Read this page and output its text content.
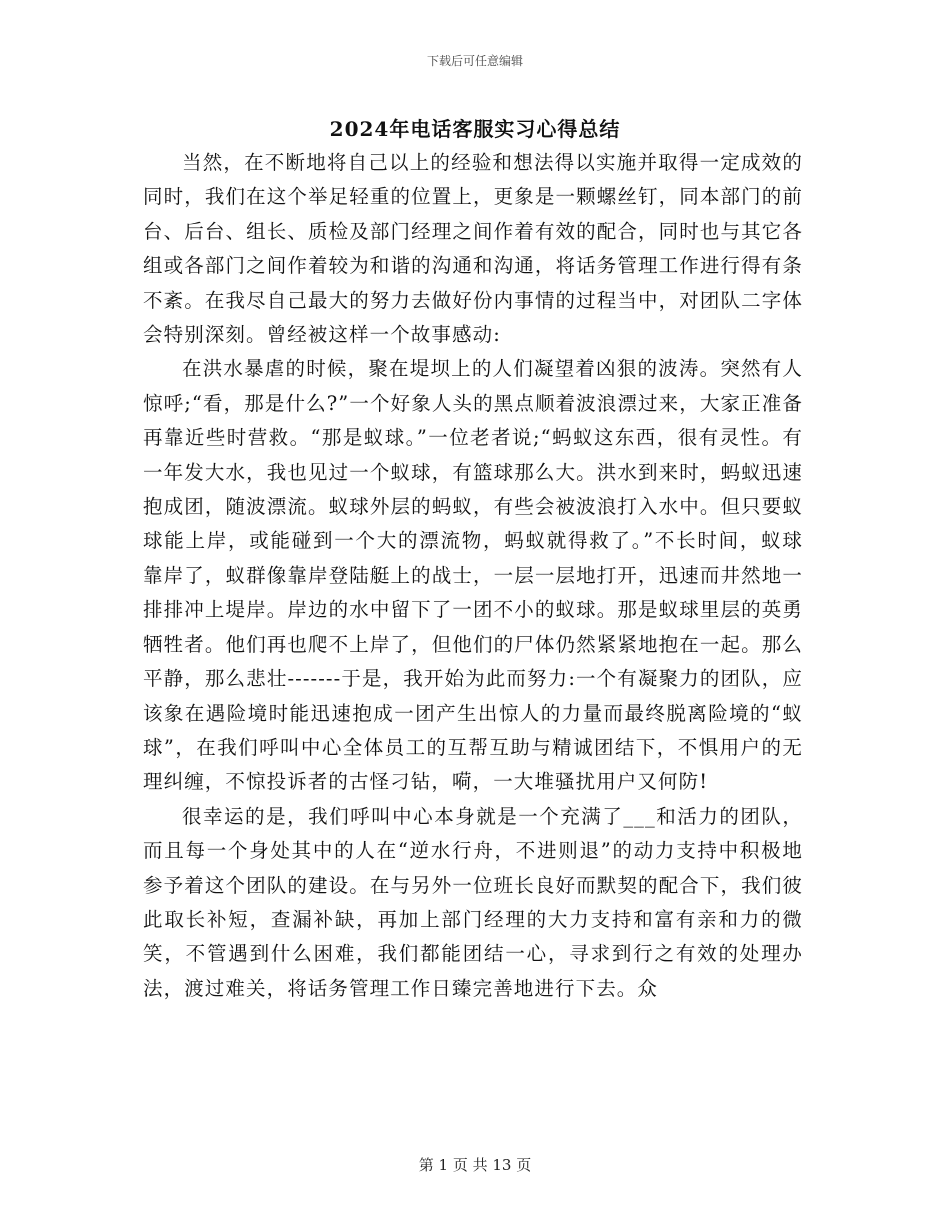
下载后可任意编辑
2024年电话客服实习心得总结

当然，在不断地将自己以上的经验和想法得以实施并取得一定成效的同时，我们在这个举足轻重的位置上，更象是一颗螺丝钉，同本部门的前台、后台、组长、质检及部门经理之间作着有效的配合，同时也与其它各组或各部门之间作着较为和谐的沟通和沟通，将话务管理工作进行得有条不紊。在我尽自己最大的努力去做好份内事情的过程当中，对团队二字体会特别深刻。曾经被这样一个故事感动:

在洪水暴虐的时候，聚在堤坝上的人们凝望着凶狠的波涛。突然有人惊呼;“看，那是什么?”一个好象人头的黑点顺着波浪漂过来，大家正准备再靠近些时营救。“那是蚁球。”一位老者说;“蚂蚁这东西，很有灵性。有一年发大水，我也见过一个蚁球，有篮球那么大。洪水到来时，蚂蚁迅速抱成团，随波漂流。蚁球外层的蚂蚁，有些会被波浪打入水中。但只要蚁球能上岸，或能碰到一个大的漂流物，蚂蚁就得救了。”不长时间，蚁球靠岸了，蚁群像靠岸登陆艇上的战士，一层一层地打开，迅速而井然地一排排冲上堤岸。岸边的水中留下了一团不小的蚁球。那是蚁球里层的英勇牺牲者。他们再也爬不上岸了，但他们的尸体仍然紧紧地抱在一起。那么平静，那么悲壮-------于是，我开始为此而努力:一个有凝聚力的团队，应该象在遇险境时能迅速抱成一团产生出惊人的力量而最终脱离险境的“蚁球”，在我们呼叫中心全体员工的互帮互助与精诚团结下，不惧用户的无理纠缠，不惊投诉者的古怪刁钻，嗬，一大堆骚扰用户又何防!

很幸运的是，我们呼叫中心本身就是一个充满了___和活力的团队，而且每一个身处其中的人在“逆水行舟，不进则退”的动力支持中积极地参予着这个团队的建设。在与另外一位班长良好而默契的配合下，我们彼此取长补短，查漏补缺，再加上部门经理的大力支持和富有亲和力的微笑，不管遇到什么困难，我们都能团结一心，寻求到行之有效的处理办法，渡过难关，将话务管理工作日臻完善地进行下去。众

第 1 页 共 13 页
